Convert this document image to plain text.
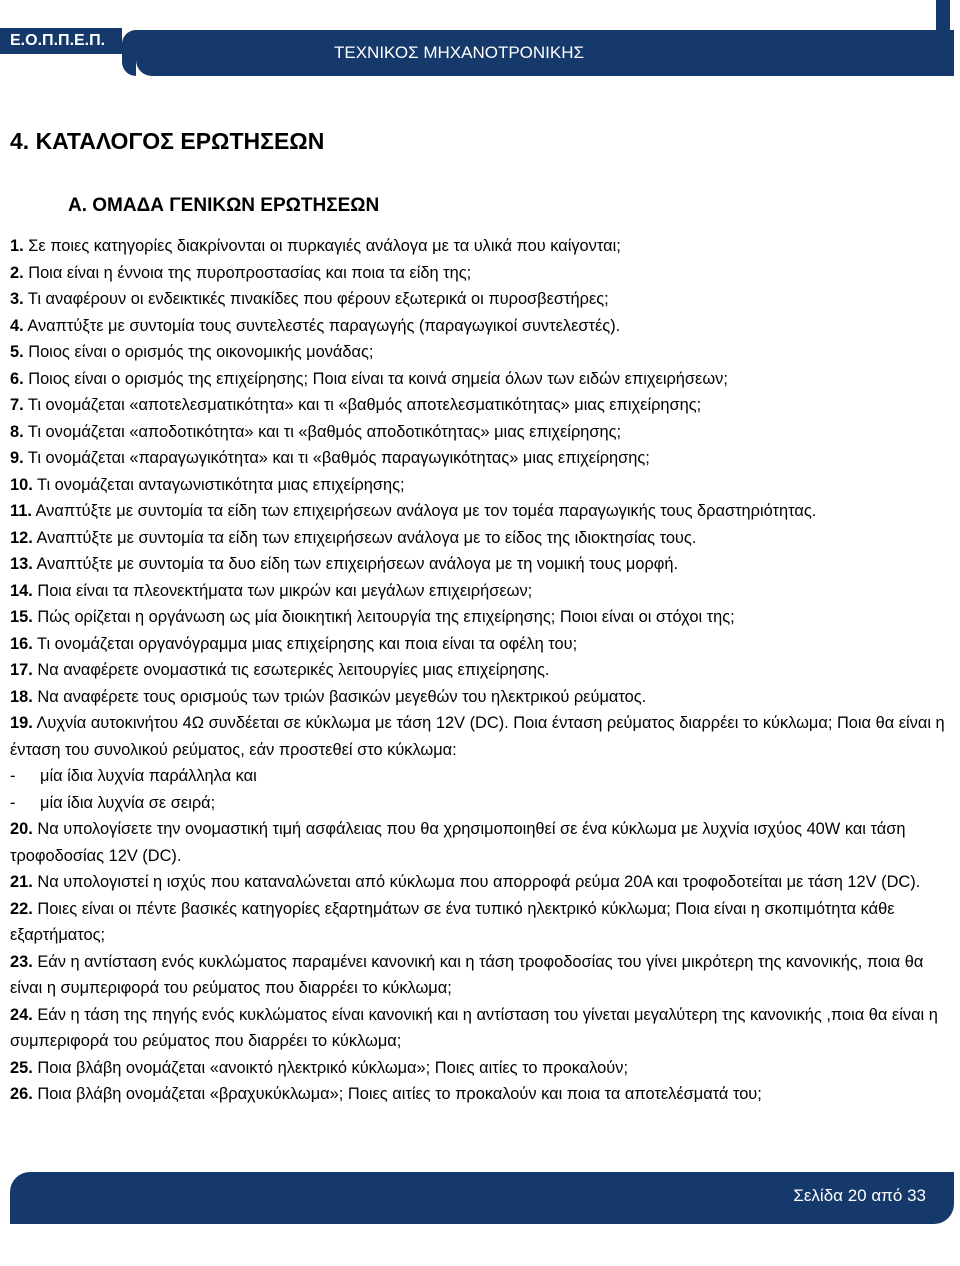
Ε.Ο.Π.Π.Ε.Π.
ΤΕΧΝΙΚΟΣ ΜΗΧΑΝΟΤΡΟΝΙΚΗΣ
4. ΚΑΤΑΛΟΓΟΣ ΕΡΩΤΗΣΕΩΝ
Α. ΟΜΑΔΑ ΓΕΝΙΚΩΝ ΕΡΩΤΗΣΕΩΝ
1. Σε ποιες κατηγορίες διακρίνονται οι πυρκαγιές ανάλογα με τα υλικά που καίγονται;
2. Ποια είναι η έννοια της πυροπροστασίας και ποια τα είδη της;
3. Τι αναφέρουν οι ενδεικτικές πινακίδες που φέρουν εξωτερικά οι πυροσβεστήρες;
4. Αναπτύξτε με συντομία τους συντελεστές παραγωγής (παραγωγικοί συντελεστές).
5. Ποιος είναι ο ορισμός της οικονομικής μονάδας;
6. Ποιος είναι ο ορισμός της επιχείρησης; Ποια είναι τα κοινά σημεία όλων των ειδών επιχειρήσεων;
7. Τι ονομάζεται «αποτελεσματικότητα» και τι «βαθμός αποτελεσματικότητας» μιας επιχείρησης;
8. Τι ονομάζεται «αποδοτικότητα» και τι «βαθμός αποδοτικότητας» μιας επιχείρησης;
9. Τι ονομάζεται «παραγωγικότητα» και τι «βαθμός παραγωγικότητας» μιας επιχείρησης;
10. Τι ονομάζεται ανταγωνιστικότητα μιας επιχείρησης;
11. Αναπτύξτε με συντομία τα είδη των επιχειρήσεων ανάλογα με τον τομέα παραγωγικής τους δραστηριότητας.
12. Αναπτύξτε με συντομία τα είδη των επιχειρήσεων ανάλογα με το είδος της ιδιοκτησίας τους.
13. Αναπτύξτε με συντομία τα δυο είδη των επιχειρήσεων ανάλογα με τη νομική τους μορφή.
14. Ποια είναι τα πλεονεκτήματα των μικρών και μεγάλων επιχειρήσεων;
15. Πώς ορίζεται η οργάνωση ως μία διοικητική λειτουργία της επιχείρησης; Ποιοι είναι οι στόχοι της;
16. Τι ονομάζεται οργανόγραμμα μιας επιχείρησης και ποια είναι τα οφέλη του;
17. Να αναφέρετε ονομαστικά τις εσωτερικές λειτουργίες μιας επιχείρησης.
18. Να αναφέρετε τους ορισμούς των τριών βασικών μεγεθών του ηλεκτρικού ρεύματος.
19. Λυχνία αυτοκινήτου 4Ω συνδέεται σε κύκλωμα με τάση 12V (DC). Ποια ένταση ρεύματος διαρρέει το κύκλωμα; Ποια θα είναι η ένταση του συνολικού ρεύματος, εάν προστεθεί στο κύκλωμα:
- μία ίδια λυχνία παράλληλα και
- μία ίδια λυχνία σε σειρά;
20. Να υπολογίσετε την ονομαστική τιμή ασφάλειας που θα χρησιμοποιηθεί σε ένα κύκλωμα με λυχνία ισχύος 40W και τάση τροφοδοσίας 12V (DC).
21. Να υπολογιστεί η ισχύς που καταναλώνεται από κύκλωμα που απορροφά ρεύμα 20Α και τροφοδοτείται με τάση 12V (DC).
22. Ποιες είναι οι πέντε βασικές κατηγορίες εξαρτημάτων σε ένα τυπικό ηλεκτρικό κύκλωμα; Ποια είναι η σκοπιμότητα κάθε εξαρτήματος;
23. Εάν η αντίσταση ενός κυκλώματος παραμένει κανονική και η τάση τροφοδοσίας του γίνει μικρότερη της κανονικής, ποια θα είναι η συμπεριφορά του ρεύματος που διαρρέει το κύκλωμα;
24. Εάν η τάση της πηγής ενός κυκλώματος είναι κανονική και η αντίσταση του γίνεται μεγαλύτερη της κανονικής ,ποια θα είναι η συμπεριφορά του ρεύματος που διαρρέει το κύκλωμα;
25. Ποια βλάβη ονομάζεται «ανοικτό ηλεκτρικό κύκλωμα»; Ποιες αιτίες το προκαλούν;
26. Ποια βλάβη ονομάζεται «βραχυκύκλωμα»; Ποιες αιτίες το προκαλούν και ποια τα αποτελέσματά του;
Σελίδα 20 από 33
